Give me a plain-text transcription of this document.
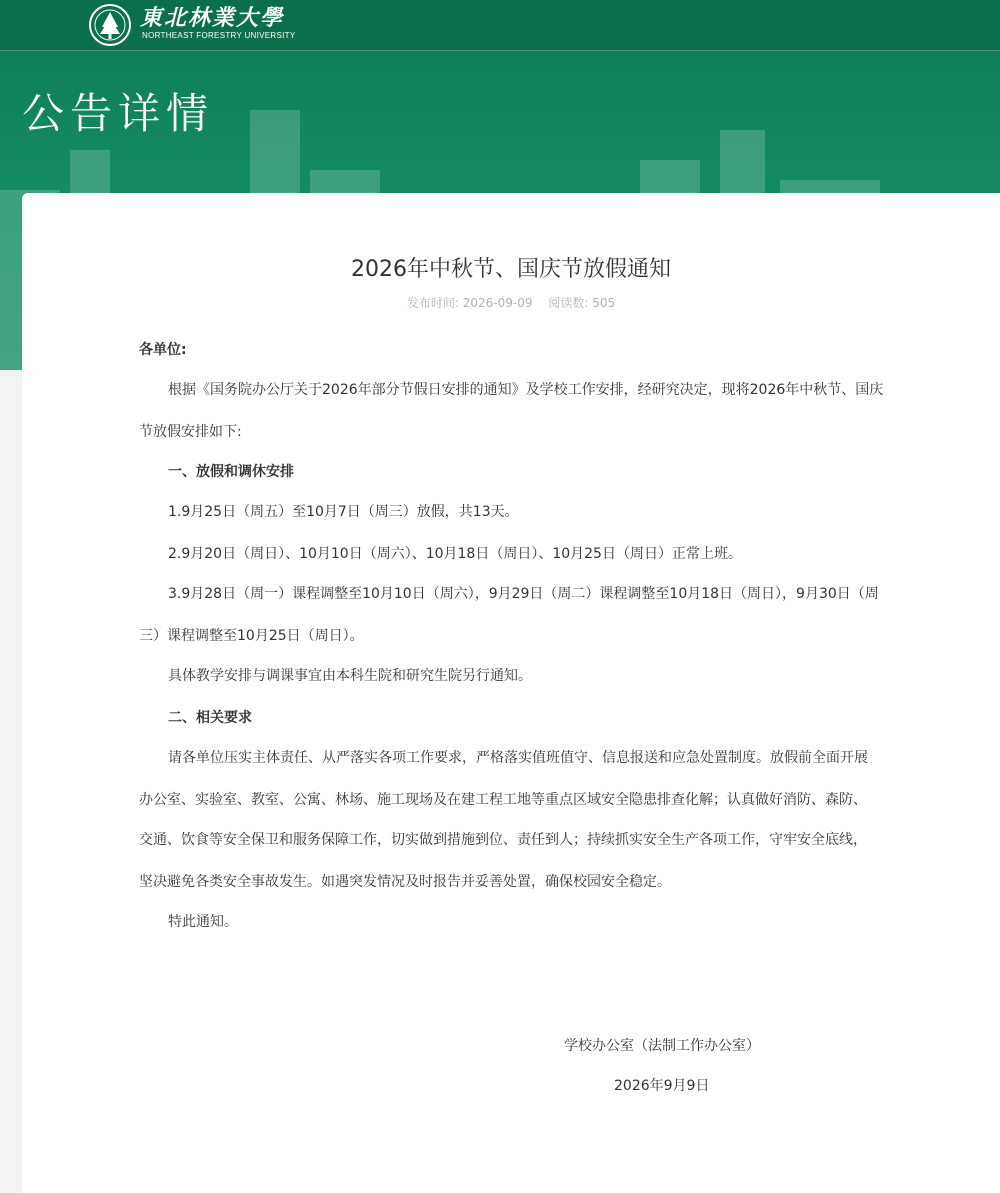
東北林業大學
NORTHEAST FORESTRY UNIVERSITY
公告详情
2026年中秋节、国庆节放假通知
发布时间: 2026-09-09 阅读数: 505
各单位:
根据《国务院办公厅关于2026年部分节假日安排的通知》及学校工作安排，经研究决定，现将2026年中秋节、国庆
节放假安排如下:
一、放假和调休安排
1.9月25日（周五）至10月7日（周三）放假，共13天。
2.9月20日（周日）、10月10日（周六）、10月18日（周日）、10月25日（周日）正常上班。
3.9月28日（周一）课程调整至10月10日（周六），9月29日（周二）课程调整至10月18日（周日），9月30日（周
三）课程调整至10月25日（周日）。
具体教学安排与调课事宜由本科生院和研究生院另行通知。
二、相关要求
请各单位压实主体责任、从严落实各项工作要求，严格落实值班值守、信息报送和应急处置制度。放假前全面开展
办公室、实验室、教室、公寓、林场、施工现场及在建工程工地等重点区域安全隐患排查化解；认真做好消防、森防、
交通、饮食等安全保卫和服务保障工作，切实做到措施到位、责任到人；持续抓实安全生产各项工作，守牢安全底线，
坚决避免各类安全事故发生。如遇突发情况及时报告并妥善处置，确保校园安全稳定。
特此通知。
学校办公室（法制工作办公室）
2026年9月9日
